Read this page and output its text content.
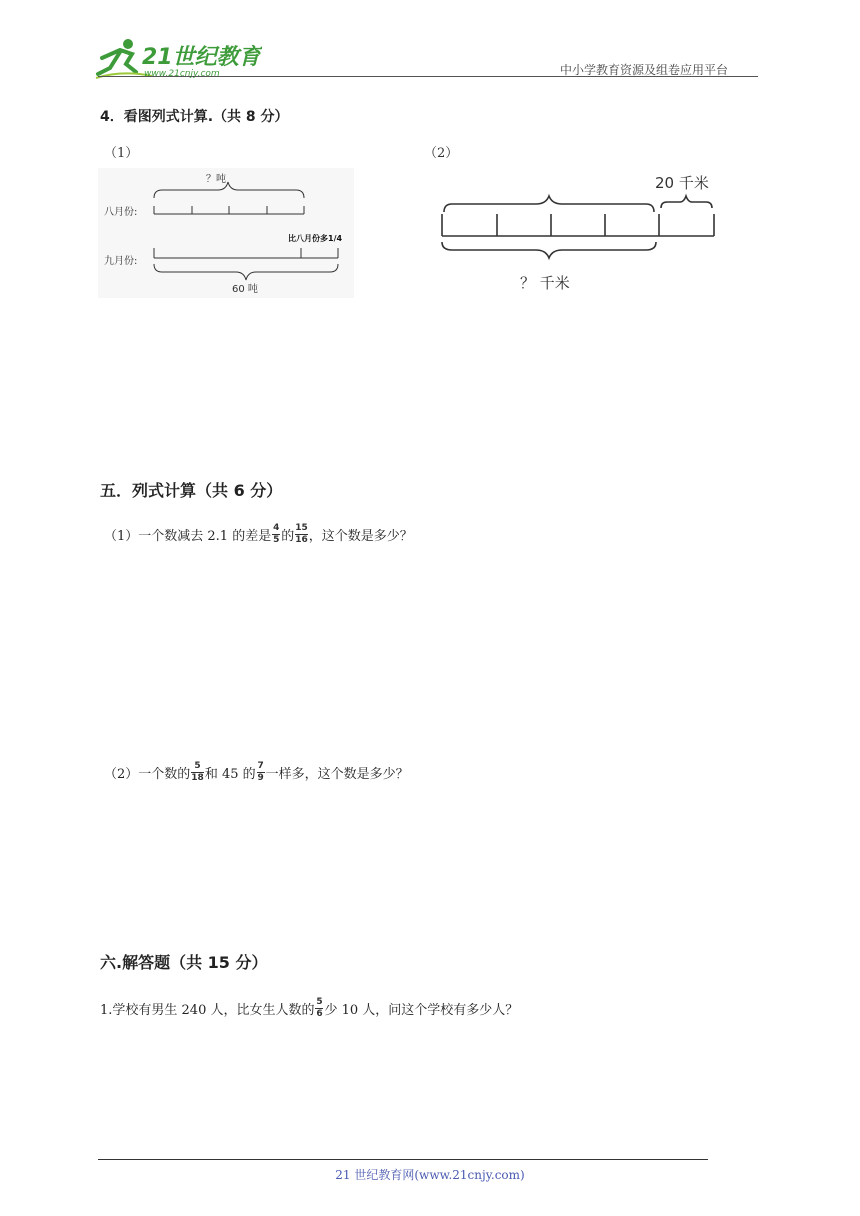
21世纪教育
www.21cnjy.com	中小学教育资源及组卷应用平台
4．看图列式计算.（共 8 分）
（1）	（2）
？吨
八月份:
比八月份多1/4
九月份:
60 吨
20 千米
？ 千米
五．列式计算（共 6 分）
（1）一个数减去 2.1 的差是 $\frac{4}{5}$ 的 $\frac{15}{16}$ ，这个数是多少？
（2）一个数的 $\frac{5}{18}$ 和 45 的 $\frac{7}{9}$ 一样多，这个数是多少？
六.解答题（共 15 分）
1.学校有男生 240 人，比女生人数的 $\frac{5}{6}$ 少 10 人，问这个学校有多少人？
21 世纪教育网(www.21cnjy.com)
